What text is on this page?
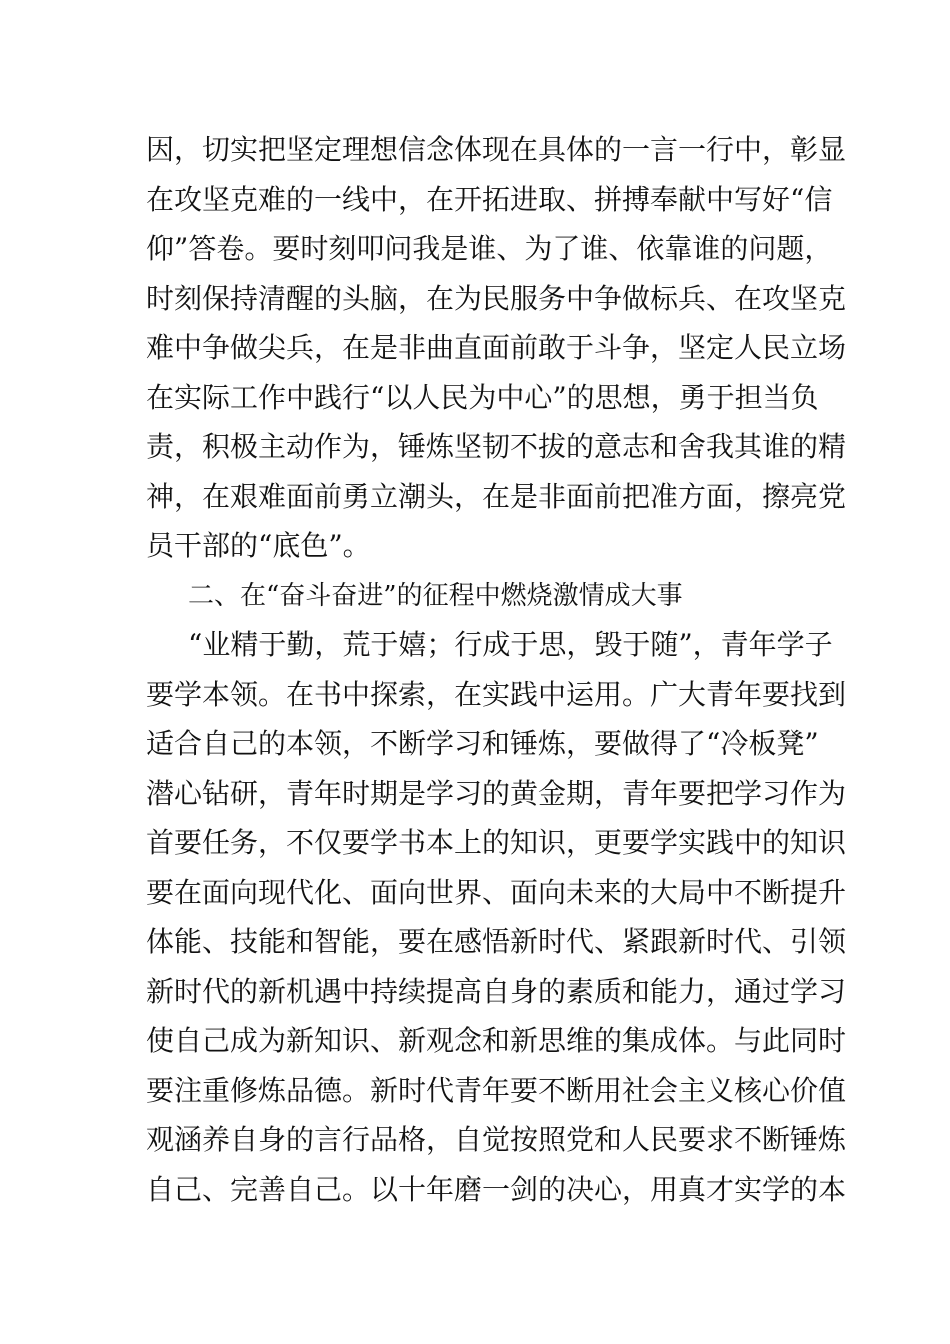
因，切实把坚定理想信念体现在具体的一言一行中，彰显
在攻坚克难的一线中，在开拓进取、拼搏奉献中写好“信
仰”答卷。要时刻叩问我是谁、为了谁、依靠谁的问题，
时刻保持清醒的头脑，在为民服务中争做标兵、在攻坚克
难中争做尖兵，在是非曲直面前敢于斗争，坚定人民立场
在实际工作中践行“以人民为中心”的思想，勇于担当负
责，积极主动作为，锤炼坚韧不拔的意志和舍我其谁的精
神，在艰难面前勇立潮头，在是非面前把准方面，擦亮党
员干部的“底色”。
二、在“奋斗奋进”的征程中燃烧激情成大事
“业精于勤，荒于嬉；行成于思，毁于随”，青年学子
要学本领。在书中探索，在实践中运用。广大青年要找到
适合自己的本领，不断学习和锤炼，要做得了“冷板凳”
潜心钻研，青年时期是学习的黄金期，青年要把学习作为
首要任务，不仅要学书本上的知识，更要学实践中的知识
要在面向现代化、面向世界、面向未来的大局中不断提升
体能、技能和智能，要在感悟新时代、紧跟新时代、引领
新时代的新机遇中持续提高自身的素质和能力，通过学习
使自己成为新知识、新观念和新思维的集成体。与此同时
要注重修炼品德。新时代青年要不断用社会主义核心价值
观涵养自身的言行品格，自觉按照党和人民要求不断锤炼
自己、完善自己。以十年磨一剑的决心，用真才实学的本
